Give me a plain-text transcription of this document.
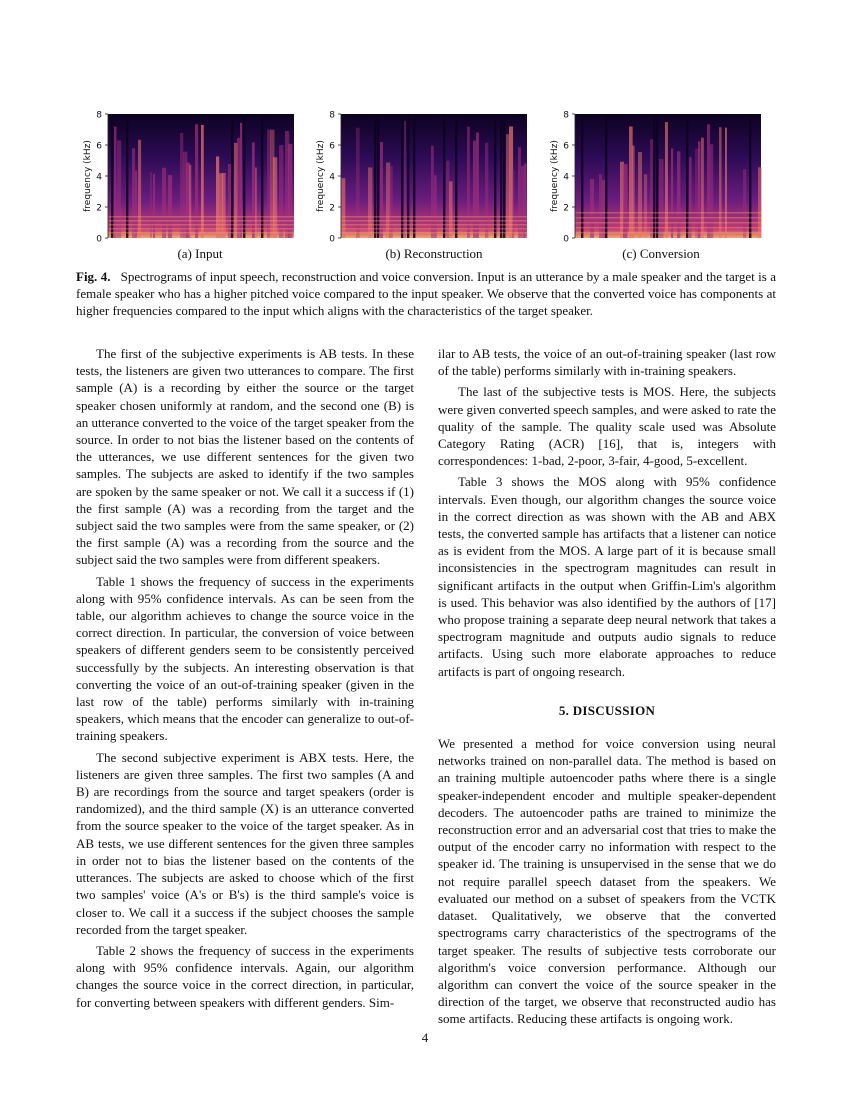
0
2
4
6
8
frequency (kHz)
0
2
4
6
8
frequency (kHz)
0
2
4
6
8
frequency (kHz)
(a) Input	(b) Reconstruction	(c) Conversion
Fig. 4. Spectrograms of input speech, reconstruction and voice conversion. Input is an utterance by a male speaker and the target is a female speaker who has a higher pitched voice compared to the input speaker. We observe that the converted voice has components at higher frequencies compared to the input which aligns with the characteristics of the target speaker.

The first of the subjective experiments is AB tests. In these tests, the listeners are given two utterances to compare. The first sample (A) is a recording by either the source or the target speaker chosen uniformly at random, and the second one (B) is an utterance converted to the voice of the target speaker from the source. In order to not bias the listener based on the contents of the utterances, we use different sentences for the given two samples. The subjects are asked to identify if the two samples are spoken by the same speaker or not. We call it a success if (1) the first sample (A) was a recording from the target and the subject said the two samples were from the same speaker, or (2) the first sample (A) was a recording from the source and the subject said the two samples were from different speakers.

Table 1 shows the frequency of success in the experiments along with 95% confidence intervals. As can be seen from the table, our algorithm achieves to change the source voice in the correct direction. In particular, the conversion of voice between speakers of different genders seem to be consistently perceived successfully by the subjects. An interesting observation is that converting the voice of an out-of-training speaker (given in the last row of the table) performs similarly with in-training speakers, which means that the encoder can generalize to out-of-training speakers.

The second subjective experiment is ABX tests. Here, the listeners are given three samples. The first two samples (A and B) are recordings from the source and target speakers (order is randomized), and the third sample (X) is an utterance converted from the source speaker to the voice of the target speaker. As in AB tests, we use different sentences for the given three samples in order not to bias the listener based on the contents of the utterances. The subjects are asked to choose which of the first two samples' voice (A's or B's) is the third sample's voice is closer to. We call it a success if the subject chooses the sample recorded from the target speaker.

Table 2 shows the frequency of success in the experiments along with 95% confidence intervals. Again, our algorithm changes the source voice in the correct direction, in particular, for converting between speakers with different genders. Sim-

ilar to AB tests, the voice of an out-of-training speaker (last row of the table) performs similarly with in-training speakers.

The last of the subjective tests is MOS. Here, the subjects were given converted speech samples, and were asked to rate the quality of the sample. The quality scale used was Absolute Category Rating (ACR) [16], that is, integers with correspondences: 1-bad, 2-poor, 3-fair, 4-good, 5-excellent.

Table 3 shows the MOS along with 95% confidence intervals. Even though, our algorithm changes the source voice in the correct direction as was shown with the AB and ABX tests, the converted sample has artifacts that a listener can notice as is evident from the MOS. A large part of it is because small inconsistencies in the spectrogram magnitudes can result in significant artifacts in the output when Griffin-Lim's algorithm is used. This behavior was also identified by the authors of [17] who propose training a separate deep neural network that takes a spectrogram magnitude and outputs audio signals to reduce artifacts. Using such more elaborate approaches to reduce artifacts is part of ongoing research.

5. DISCUSSION

We presented a method for voice conversion using neural networks trained on non-parallel data. The method is based on an training multiple autoencoder paths where there is a single speaker-independent encoder and multiple speaker-dependent decoders. The autoencoder paths are trained to minimize the reconstruction error and an adversarial cost that tries to make the output of the encoder carry no information with respect to the speaker id. The training is unsupervised in the sense that we do not require parallel speech dataset from the speakers. We evaluated our method on a subset of speakers from the VCTK dataset. Qualitatively, we observe that the converted spectrograms carry characteristics of the spectrograms of the target speaker. The results of subjective tests corroborate our algorithm's voice conversion performance. Although our algorithm can convert the voice of the source speaker in the direction of the target, we observe that reconstructed audio has some artifacts. Reducing these artifacts is ongoing work.

4
